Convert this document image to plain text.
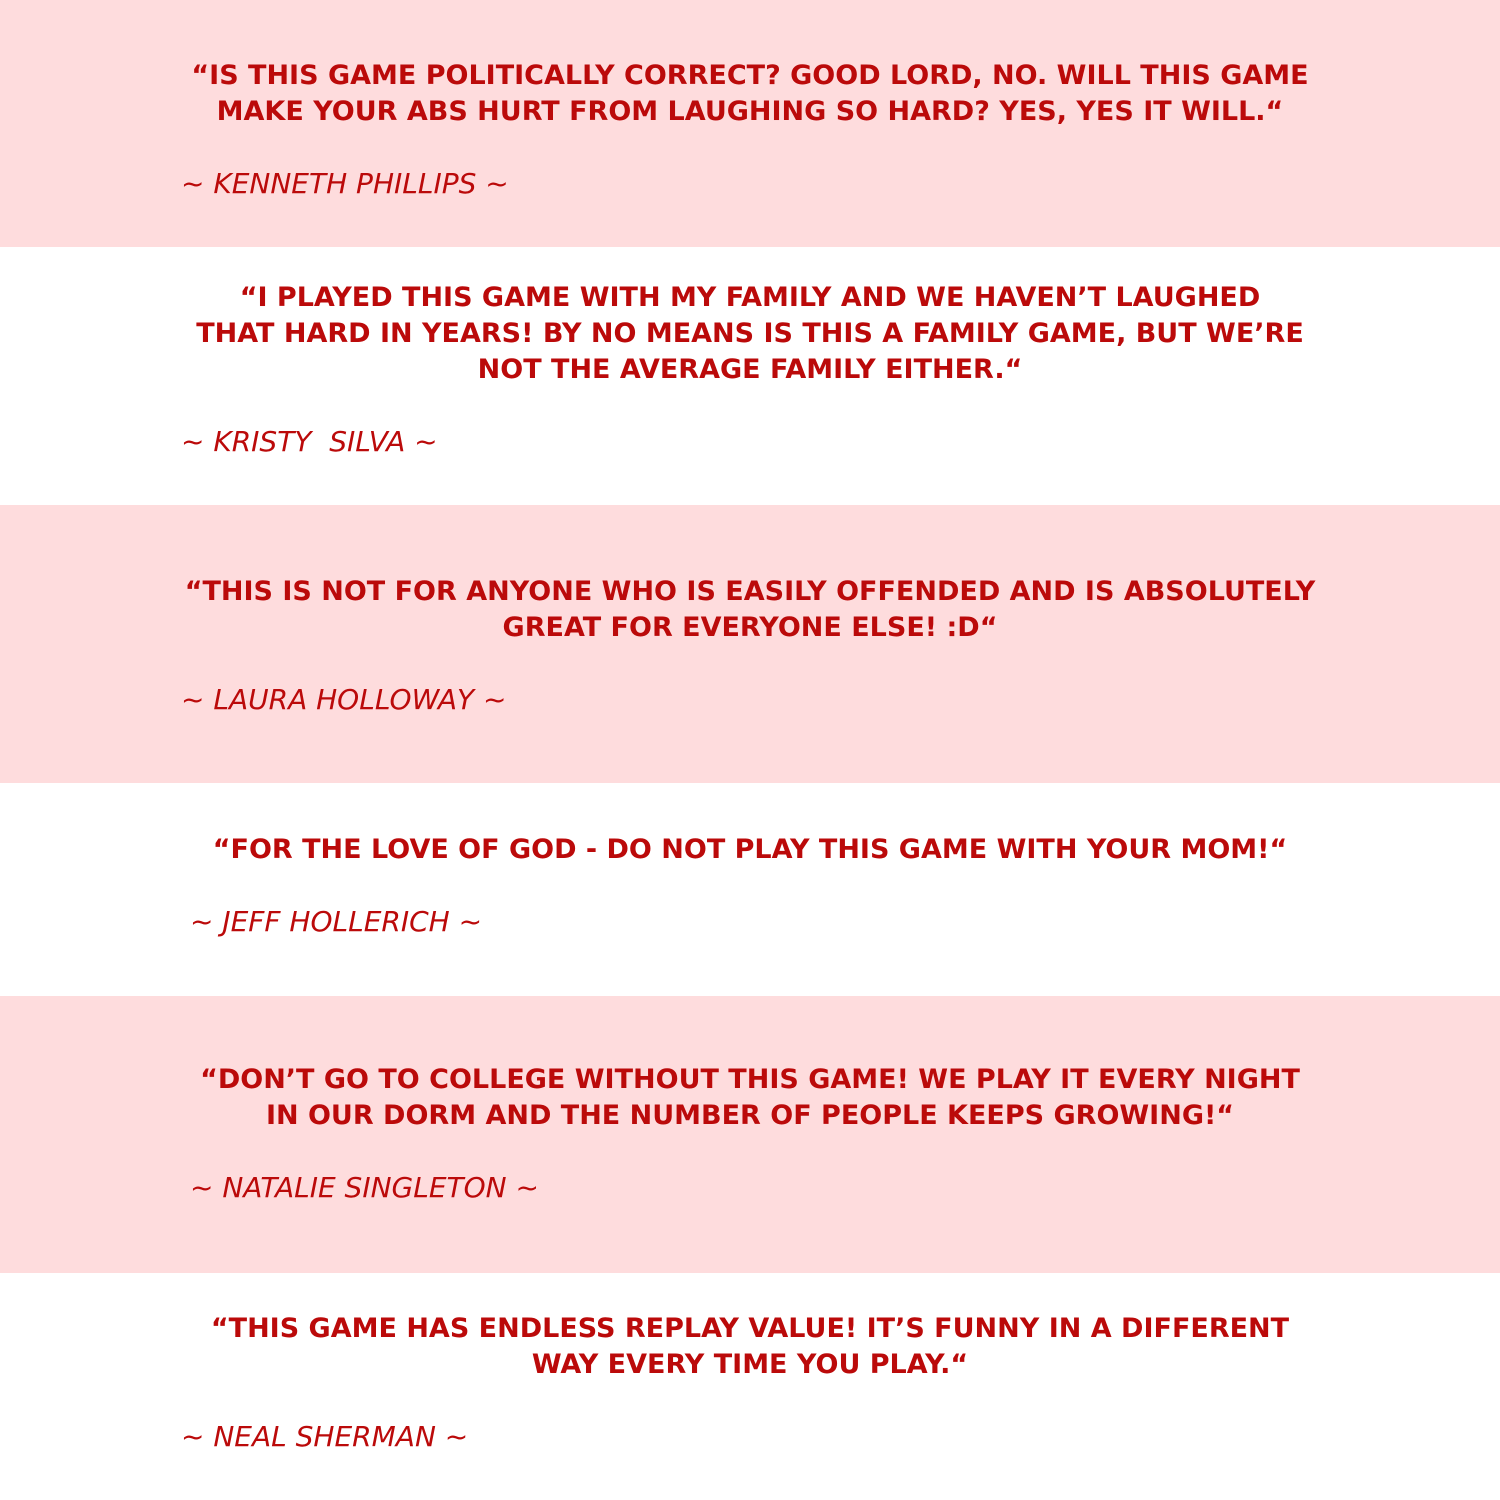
“IS THIS GAME POLITICALLY CORRECT? GOOD LORD, NO. WILL THIS GAME
MAKE YOUR ABS HURT FROM LAUGHING SO HARD? YES, YES IT WILL.“

~ KENNETH PHILLIPS ~

“I PLAYED THIS GAME WITH MY FAMILY AND WE HAVEN’T LAUGHED
THAT HARD IN YEARS! BY NO MEANS IS THIS A FAMILY GAME, BUT WE’RE
NOT THE AVERAGE FAMILY EITHER.“

~ KRISTY  SILVA ~

“THIS IS NOT FOR ANYONE WHO IS EASILY OFFENDED AND IS ABSOLUTELY
GREAT FOR EVERYONE ELSE! :D“

~ LAURA HOLLOWAY ~

“FOR THE LOVE OF GOD - DO NOT PLAY THIS GAME WITH YOUR MOM!“

~ JEFF HOLLERICH ~

“DON’T GO TO COLLEGE WITHOUT THIS GAME! WE PLAY IT EVERY NIGHT
IN OUR DORM AND THE NUMBER OF PEOPLE KEEPS GROWING!“

~ NATALIE SINGLETON ~

“THIS GAME HAS ENDLESS REPLAY VALUE! IT’S FUNNY IN A DIFFERENT
WAY EVERY TIME YOU PLAY.“

~ NEAL SHERMAN ~
